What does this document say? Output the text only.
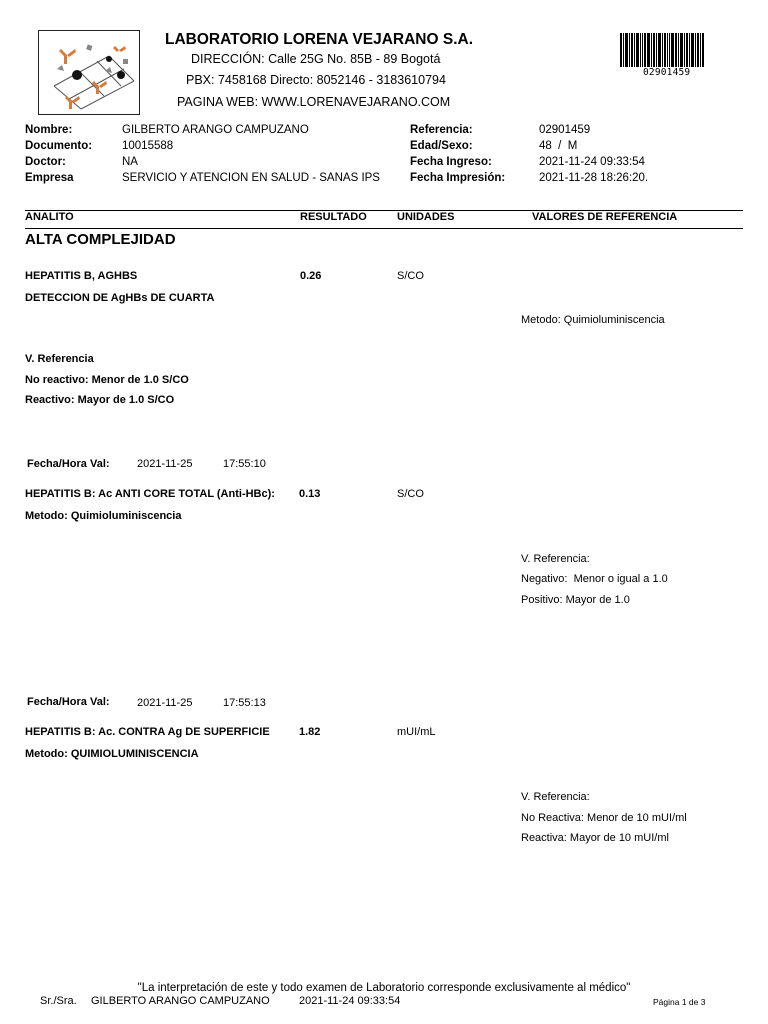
LABORATORIO LORENA VEJARANO S.A.
DIRECCIÓN: Calle 25G No. 85B - 89 Bogotá
PBX: 7458168 Directo: 8052146 - 3183610794
PAGINA WEB: WWW.LORENAVEJARANO.COM
02901459
Nombre:	GILBERTO ARANGO CAMPUZANO
Documento:	10015588
Doctor:	NA
Empresa	SERVICIO Y ATENCION EN SALUD - SANAS IPS
Referencia:	02901459
Edad/Sexo:	48  /  M
Fecha Ingreso:	2021-11-24 09:33:54
Fecha Impresión:	2021-11-28 18:26:20.
ANALITO	RESULTADO	UNIDADES	VALORES DE REFERENCIA
ALTA COMPLEJIDAD
HEPATITIS B, AGHBS	0.26	S/CO
DETECCION DE AgHBs DE CUARTA
Metodo: Quimioluminiscencia
V. Referencia
No reactivo: Menor de 1.0 S/CO
Reactivo: Mayor de 1.0 S/CO
Fecha/Hora Val: 2021-11-25	17:55:10
HEPATITIS B: Ac ANTI CORE TOTAL (Anti-HBc): 0.13	S/CO
Metodo: Quimioluminiscencia
V. Referencia:
Negativo:  Menor o igual a 1.0
Positivo: Mayor de 1.0
Fecha/Hora Val: 2021-11-25	17:55:13
HEPATITIS B: Ac. CONTRA Ag DE SUPERFICIE	1.82	mUI/mL
Metodo: QUIMIOLUMINISCENCIA
V. Referencia:
No Reactiva: Menor de 10 mUI/ml
Reactiva: Mayor de 10 mUI/ml
"La interpretación de este y todo examen de Laboratorio corresponde exclusivamente al médico"
Sr./Sra. GILBERTO ARANGO CAMPUZANO	2021-11-24 09:33:54	Página 1 de 3
